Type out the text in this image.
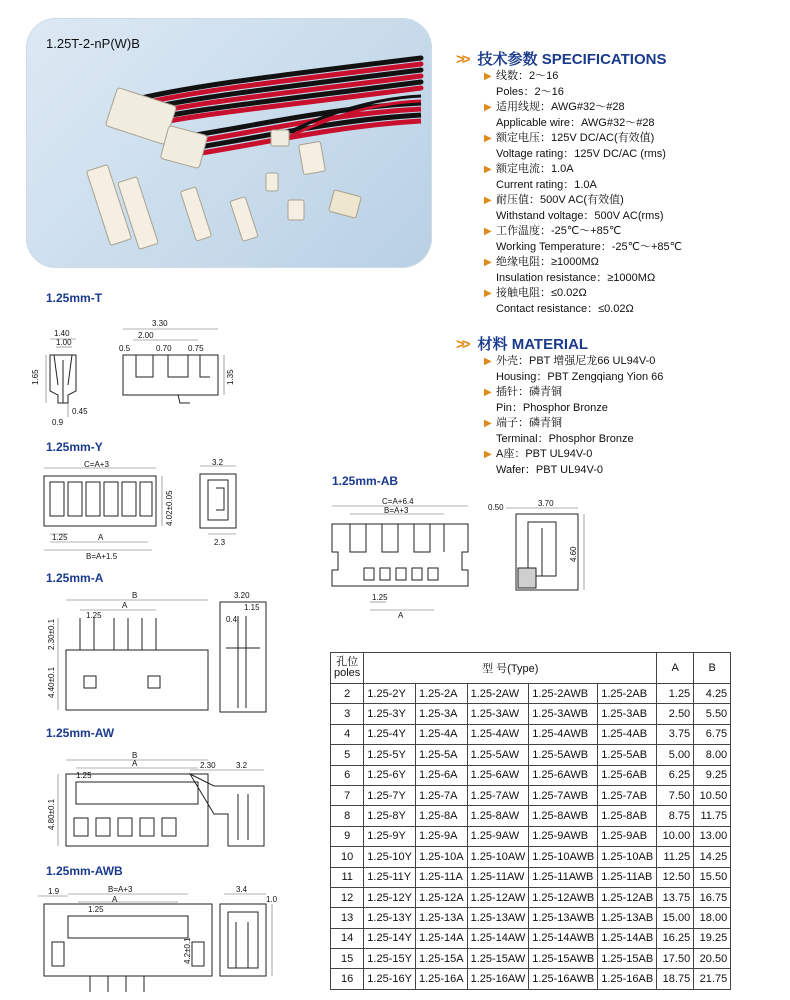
1.25T-2-nP(W)B
>> 技术参数 SPECIFICATIONS
▶ 线数：2～16
Poles：2～16
▶ 适用线规：AWG#32～#28
Applicable wire：AWG#32～#28
▶ 额定电压：125V DC/AC(有效值)
Voltage rating：125V DC/AC (rms)
▶ 额定电流：1.0A
Current rating：1.0A
▶ 耐压值：500V AC(有效值)
Withstand voltage：500V AC(rms)
▶ 工作温度：-25℃～+85℃
Working Temperature：-25℃～+85℃
▶ 绝缘电阻：≥1000MΩ
Insulation resistance：≥1000MΩ
▶ 接触电阻：≤0.02Ω
Contact resistance：≤0.02Ω
>> 材料 MATERIAL
▶ 外壳：PBT 增强尼龙66 UL94V-0
Housing：PBT Zengqiang Yion 66
▶ 插针：磷青铜
Pin：Phosphor Bronze
▶ 端子：磷青铜
Terminal：Phosphor Bronze
▶ A座：PBT UL94V-0
Wafer：PBT UL94V-0
1.25mm-T
1.40
1.00
1.65
0.45
0.9
3.30
2.00
0.5	0.70 0.75
1.35
1.25mm-Y
C=A+3
4.02±0.05
1.25	A
B=A+1.5
3.2
2.3
1.25mm-A
B
A
1.25
2.30±0.1
4.40±0.1
3.20
1.15
0.4
1.25mm-AW
B
A
1.25
4.80±0.1
2.30	3.2
1.25mm-AWB
1.9	B=A+3
A
1.25
4.2±0.1
3.4
1.0
1.25mm-AB
C=A+6.4
B=A+3
1.25
A
0.50	3.70
4.60
孔位
poles	型 号(Type)					A	B
2	1.25-2Y	1.25-2A	1.25-2AW	1.25-2AWB	1.25-2AB	1.25	4.25
3	1.25-3Y	1.25-3A	1.25-3AW	1.25-3AWB	1.25-3AB	2.50	5.50
4	1.25-4Y	1.25-4A	1.25-4AW	1.25-4AWB	1.25-4AB	3.75	6.75
5	1.25-5Y	1.25-5A	1.25-5AW	1.25-5AWB	1.25-5AB	5.00	8.00
6	1.25-6Y	1.25-6A	1.25-6AW	1.25-6AWB	1.25-6AB	6.25	9.25
7	1.25-7Y	1.25-7A	1.25-7AW	1.25-7AWB	1.25-7AB	7.50	10.50
8	1.25-8Y	1.25-8A	1.25-8AW	1.25-8AWB	1.25-8AB	8.75	11.75
9	1.25-9Y	1.25-9A	1.25-9AW	1.25-9AWB	1.25-9AB	10.00	13.00
10	1.25-10Y	1.25-10A	1.25-10AW	1.25-10AWB	1.25-10AB	11.25	14.25
11	1.25-11Y	1.25-11A	1.25-11AW	1.25-11AWB	1.25-11AB	12.50	15.50
12	1.25-12Y	1.25-12A	1.25-12AW	1.25-12AWB	1.25-12AB	13.75	16.75
13	1.25-13Y	1.25-13A	1.25-13AW	1.25-13AWB	1.25-13AB	15.00	18.00
14	1.25-14Y	1.25-14A	1.25-14AW	1.25-14AWB	1.25-14AB	16.25	19.25
15	1.25-15Y	1.25-15A	1.25-15AW	1.25-15AWB	1.25-15AB	17.50	20.50
16	1.25-16Y	1.25-16A	1.25-16AW	1.25-16AWB	1.25-16AB	18.75	21.75
